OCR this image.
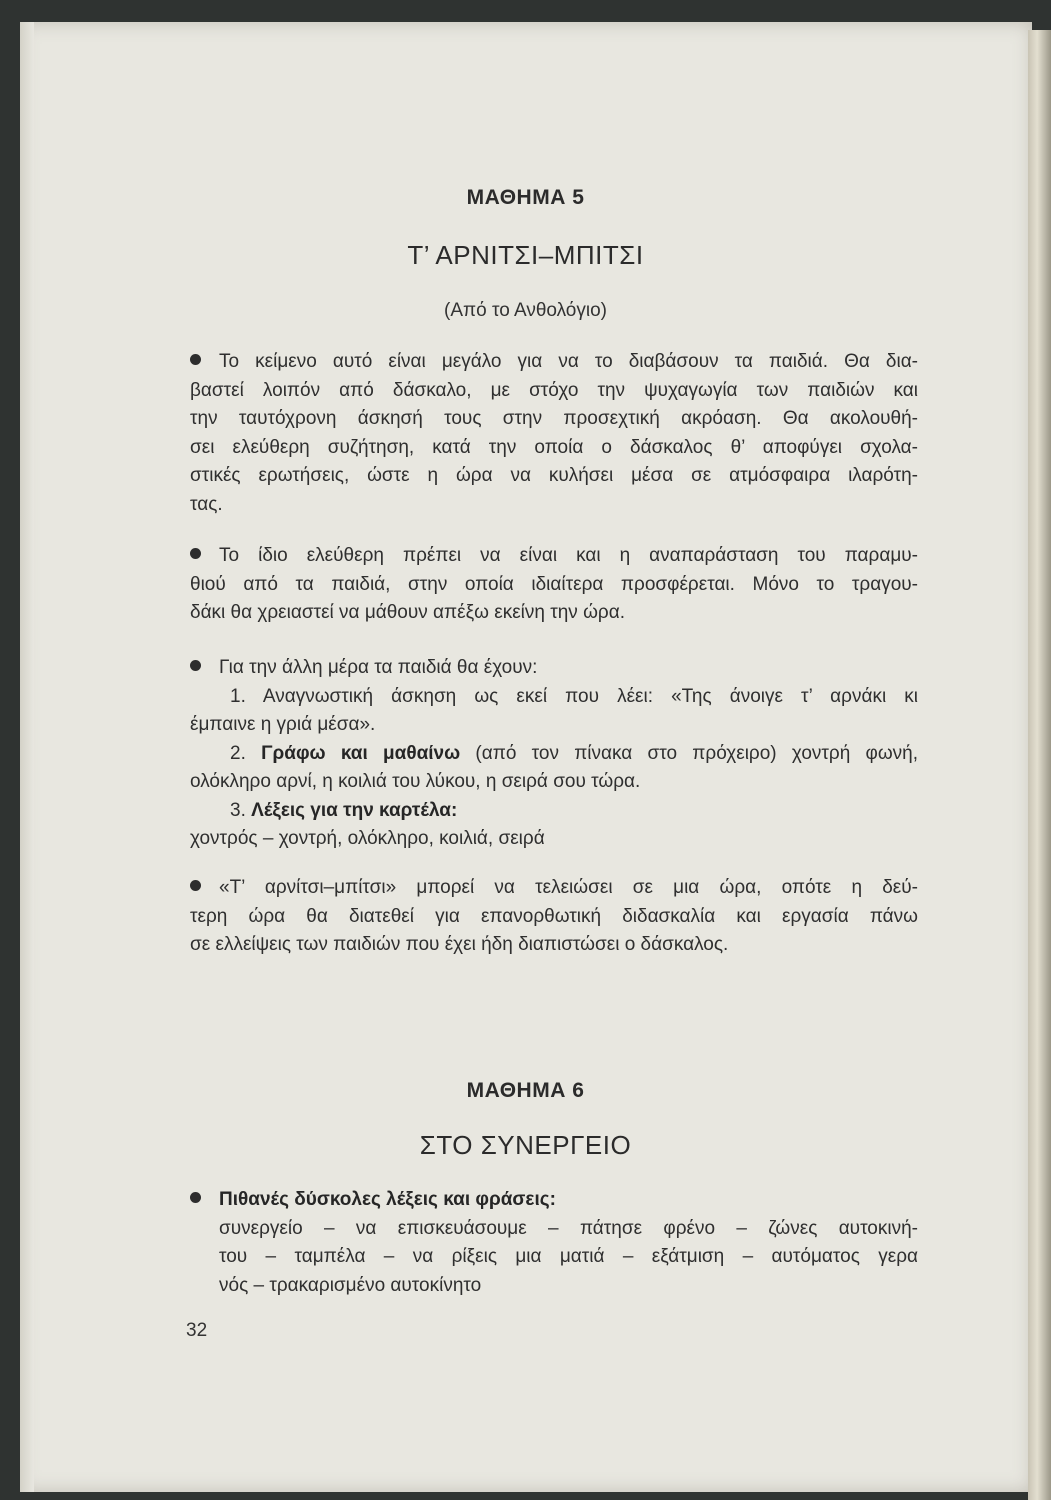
ΜΑΘΗΜΑ 5
Τ’ ΑΡΝΙΤΣΙ–ΜΠΙΤΣΙ

(Από το Ανθολόγιο)

Το κείμενο αυτό είναι μεγάλο για να το διαβάσουν τα παιδιά. Θα δια-
βαστεί λοιπόν από δάσκαλο, με στόχο την ψυχαγωγία των παιδιών και
την ταυτόχρονη άσκησή τους στην προσεχτική ακρόαση. Θα ακολουθή-
σει ελεύθερη συζήτηση, κατά την οποία ο δάσκαλος θ’ αποφύγει σχολα-
στικές ερωτήσεις, ώστε η ώρα να κυλήσει μέσα σε ατμόσφαιρα ιλαρότη-
τας.
Το ίδιο ελεύθερη πρέπει να είναι και η αναπαράσταση του παραμυ-
θιού από τα παιδιά, στην οποία ιδιαίτερα προσφέρεται. Μόνο το τραγου-
δάκι θα χρειαστεί να μάθουν απέξω εκείνη την ώρα.
Για την άλλη μέρα τα παιδιά θα έχουν:
1. Αναγνωστική άσκηση ως εκεί που λέει: «Της άνοιγε τ’ αρνάκι κι
έμπαινε η γριά μέσα».
2. Γράφω και μαθαίνω (από τον πίνακα στο πρόχειρο) χοντρή φωνή,
ολόκληρο αρνί, η κοιλιά του λύκου, η σειρά σου τώρα.
3. Λέξεις για την καρτέλα:
χοντρός – χοντρή, ολόκληρο, κοιλιά, σειρά
«Τ’ αρνίτσι–μπίτσι» μπορεί να τελειώσει σε μια ώρα, οπότε η δεύ-
τερη ώρα θα διατεθεί για επανορθωτική διδασκαλία και εργασία πάνω
σε ελλείψεις των παιδιών που έχει ήδη διαπιστώσει ο δάσκαλος.
ΜΑΘΗΜΑ 6
ΣΤΟ ΣΥΝΕΡΓΕΙΟ
Πιθανές δύσκολες λέξεις και φράσεις:
συνεργείο – να επισκευάσουμε – πάτησε φρένο – ζώνες αυτοκινή-
του – ταμπέλα – να ρίξεις μια ματιά – εξάτμιση – αυτόματος γερα
νός – τρακαρισμένο αυτοκίνητο

32
